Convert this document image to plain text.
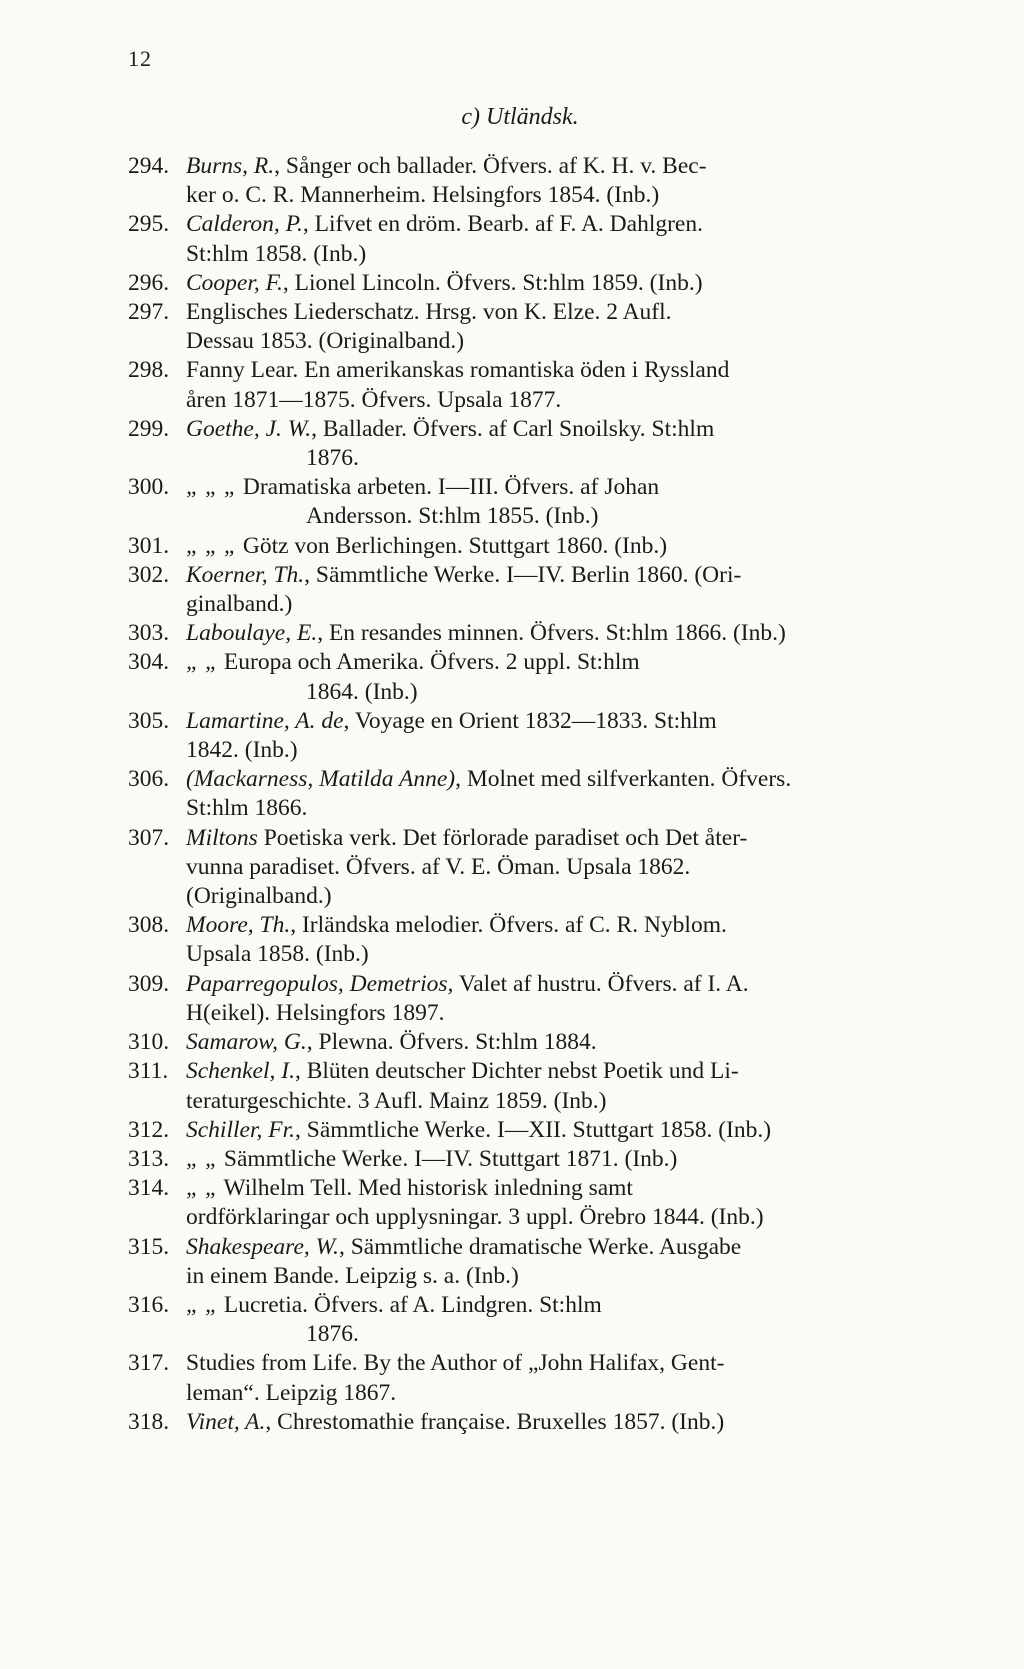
12
c) Utländsk.
294. Burns, R., Sånger och ballader. Öfvers. af K. H. v. Bec-
ker o. C. R. Mannerheim. Helsingfors 1854. (Inb.)
295. Calderon, P., Lifvet en dröm. Bearb. af F. A. Dahlgren.
St:hlm 1858. (Inb.)
296. Cooper, F., Lionel Lincoln. Öfvers. St:hlm 1859. (Inb.)
297. Englisches Liederschatz. Hrsg. von K. Elze. 2 Aufl.
Dessau 1853. (Originalband.)
298. Fanny Lear. En amerikanskas romantiska öden i Ryssland
åren 1871—1875. Öfvers. Upsala 1877.
299. Goethe, J. W., Ballader. Öfvers. af Carl Snoilsky. St:hlm
1876.
300. „ „ „ Dramatiska arbeten. I—III. Öfvers. af Johan
Andersson. St:hlm 1855. (Inb.)
301. „ „ „ Götz von Berlichingen. Stuttgart 1860. (Inb.)
302. Koerner, Th., Sämmtliche Werke. I—IV. Berlin 1860. (Ori-
ginalband.)
303. Laboulaye, E., En resandes minnen. Öfvers. St:hlm 1866. (Inb.)
304. „ „ Europa och Amerika. Öfvers. 2 uppl. St:hlm
1864. (Inb.)
305. Lamartine, A. de, Voyage en Orient 1832—1833. St:hlm
1842. (Inb.)
306. (Mackarness, Matilda Anne), Molnet med silfverkanten. Öfvers.
St:hlm 1866.
307. Miltons Poetiska verk. Det förlorade paradiset och Det åter-
vunna paradiset. Öfvers. af V. E. Öman. Upsala 1862.
(Originalband.)
308. Moore, Th., Irländska melodier. Öfvers. af C. R. Nyblom.
Upsala 1858. (Inb.)
309. Paparregopulos, Demetrios, Valet af hustru. Öfvers. af I. A.
H(eikel). Helsingfors 1897.
310. Samarow, G., Plewna. Öfvers. St:hlm 1884.
311. Schenkel, I., Blüten deutscher Dichter nebst Poetik und Li-
teraturgeschichte. 3 Aufl. Mainz 1859. (Inb.)
312. Schiller, Fr., Sämmtliche Werke. I—XII. Stuttgart 1858. (Inb.)
313. „ „ Sämmtliche Werke. I—IV. Stuttgart 1871. (Inb.)
314. „ „ Wilhelm Tell. Med historisk inledning samt
ordförklaringar och upplysningar. 3 uppl. Örebro 1844. (Inb.)
315. Shakespeare, W., Sämmtliche dramatische Werke. Ausgabe
in einem Bande. Leipzig s. a. (Inb.)
316. „ „ Lucretia. Öfvers. af A. Lindgren. St:hlm
1876.
317. Studies from Life. By the Author of „John Halifax, Gent-
leman“. Leipzig 1867.
318. Vinet, A., Chrestomathie française. Bruxelles 1857. (Inb.)
